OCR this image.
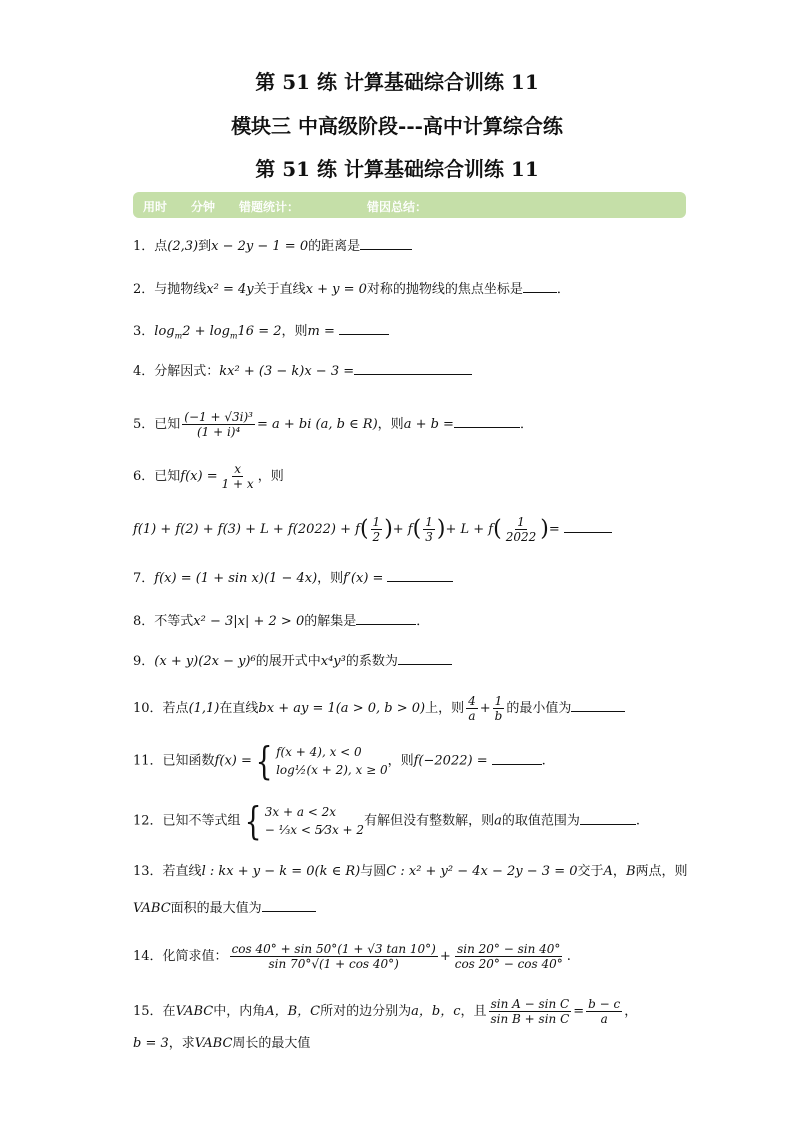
第 51 练 计算基础综合训练 11
模块三 中高级阶段---高中计算综合练
第 51 练 计算基础综合训练 11
用时 分钟 错题统计：	错因总结：
1．点(2,3)到x − 2y − 1 = 0的距离是
2．与抛物线x² = 4y关于直线x + y = 0对称的抛物线的焦点坐标是	．
3．$\log_m2 + \log_m16 = 2$，则m =
4．分解因式：kx² + (3 − k)x − 3 =
5．已知 $\frac{\text{(−1 + √3i)³}}{\text{(1 + i)⁴}} = a$ + bi (a, b ∈ R)，则a + b =	．
6．已知$f(x) = \frac{x}{1 + x}$ ，则
$f(1) + f(2) + f(3) + L + f(2022) + f( \frac{1}{2}$ )+ $f( \frac{1}{3}$ )+ $L + f( \frac{1}{2022}$ )=
7．f(x) = (1 + sin x)(1 − 4x)，则f′(x) =
8．不等式x² − 3|x| + 2 > 0的解集是	．
9．(x + y)(2x − y)⁶的展开式中x⁴y³的系数为
10．若点(1,1)在直线bx + ay = 1(a > 0, b > 0)上，则 $\frac{4}{a} + \frac{1}{b}$ 的最小值为
11．已知函数f(x) ={ f(x + 4), x < 0
log½(x + 2), x ≥ 0
，则f(−2022) =	.
12．已知不等式组{ 3x + a < 2x
− ⅓x < 5⁄3x + 2
有解但没有整数解，则a的取值范围为	.
13．若直线l : kx + y − k = 0(k ∈ R)与圆C : x² + y² − 4x − 2y − 3 = 0交于A，B两点，则
VABC面积的最大值为
14．化简求值： $\frac{\cos 40^\circ + \sin 50^\circ(1 + √3 \tan 10^\circ)}{\sin 70^\circ√(1 + \cos 40^\circ)} + \frac{\sin 20^\circ - \sin 40^\circ}{\cos 20^\circ - \cos 40^\circ}$ .
15．在VABC中，内角A，B，C所对的边分别为a，b，c，且 $\frac{\text{sin A − sin C}}{\text{sin B + sin C}} = \frac{b - c}{a}$ ，
b = 3，求VABC周长的最大值
